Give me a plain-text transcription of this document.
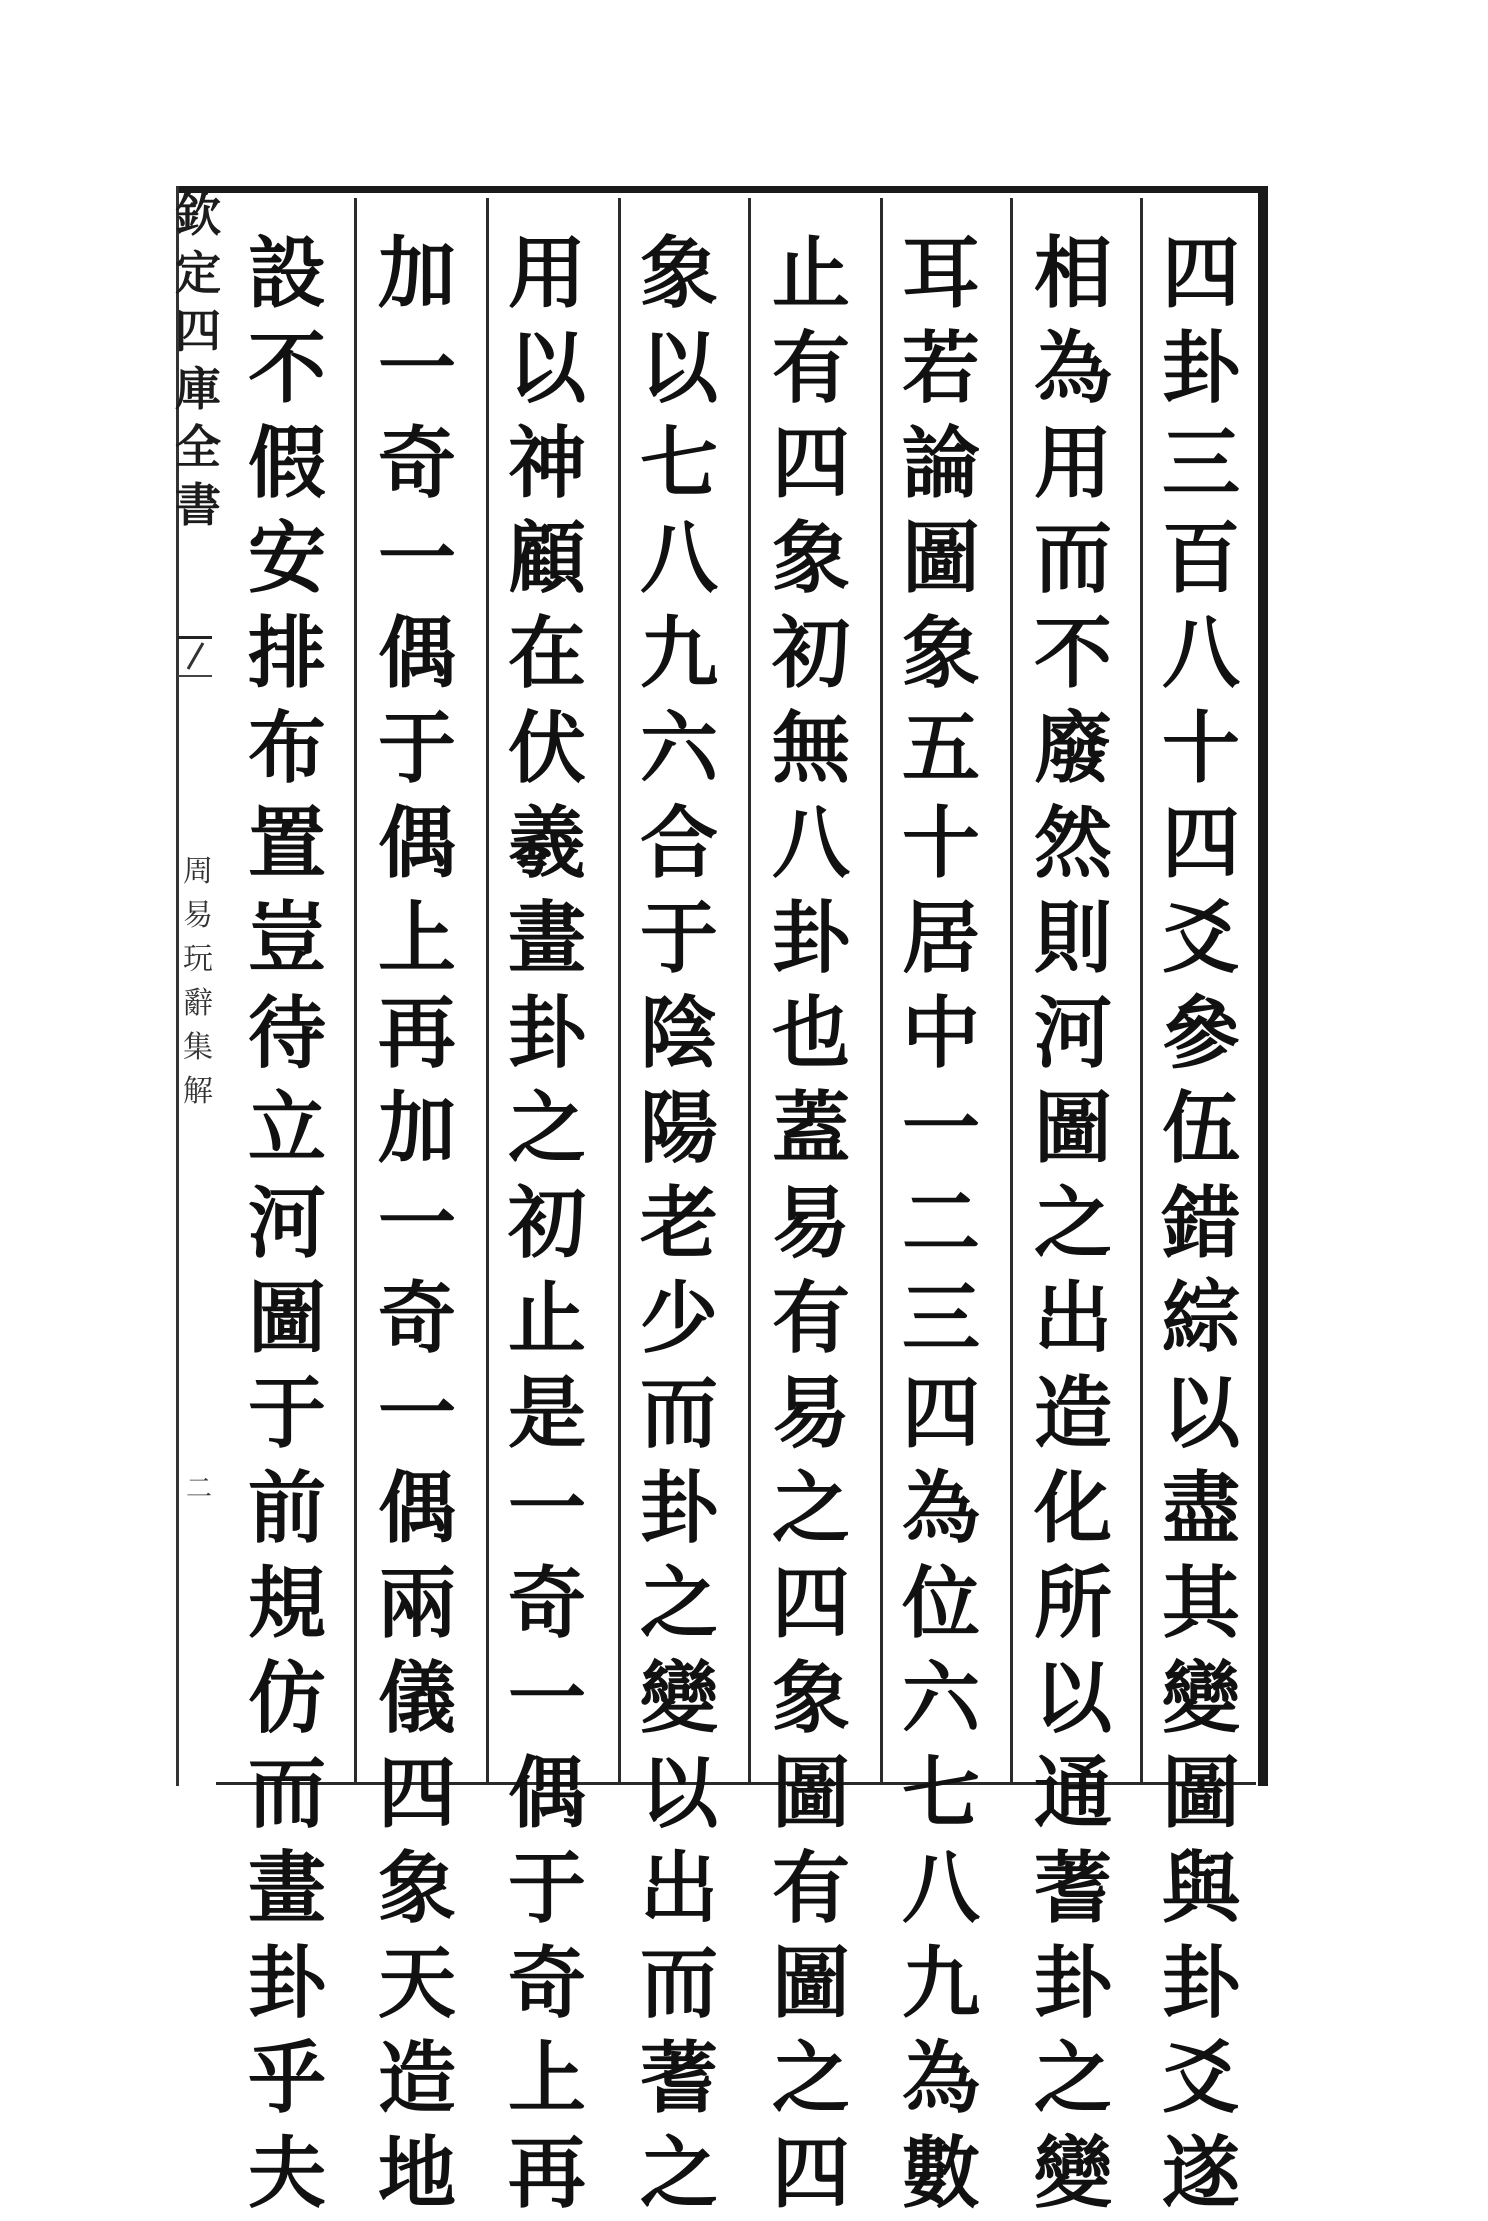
欽
定
四
庫
全
書
周
易
玩
辭
集
解
二
四
卦
三
百
八
十
四
爻
參
伍
錯
綜
以
盡
其
變
圖
與
卦
爻
遂
相
為
用
而
不
廢
然
則
河
圖
之
出
造
化
所
以
通
蓍
卦
之
變
耳
若
論
圖
象
五
十
居
中
一
二
三
四
為
位
六
七
八
九
為
數
止
有
四
象
初
無
八
卦
也
蓋
易
有
易
之
四
象
圖
有
圖
之
四
象
以
七
八
九
六
合
于
陰
陽
老
少
而
卦
之
變
以
出
而
蓍
之
用
以
神
顧
在
伏
羲
畫
卦
之
初
止
是
一
奇
一
偶
于
奇
上
再
加
一
奇
一
偶
于
偶
上
再
加
一
奇
一
偶
兩
儀
四
象
天
造
地
設
不
假
安
排
布
置
豈
待
立
河
圖
于
前
規
仿
而
畫
卦
乎
夫
